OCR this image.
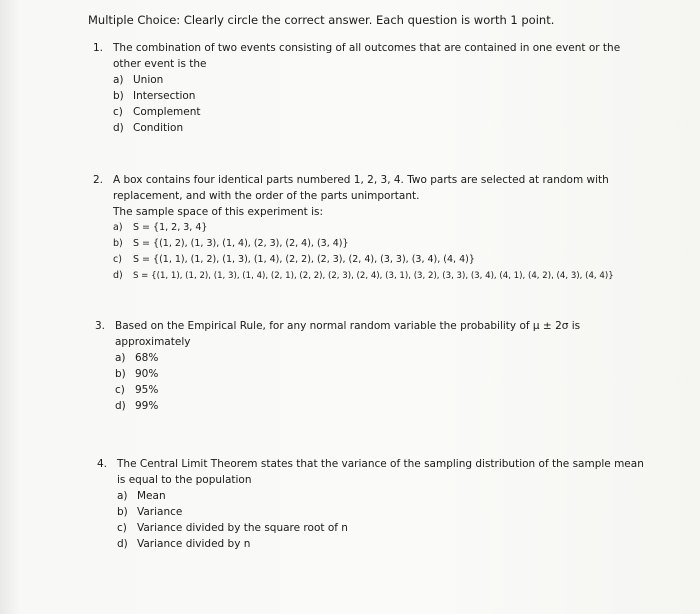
Multiple Choice: Clearly circle the correct answer. Each question is worth 1 point.
1. The combination of two events consisting of all outcomes that are contained in one event or the
other event is the
a) Union
b) Intersection
c) Complement
d) Condition
2. A box contains four identical parts numbered 1, 2, 3, 4. Two parts are selected at random with
replacement, and with the order of the parts unimportant.
The sample space of this experiment is:
a) S = {1, 2, 3, 4}
b) S = {(1, 2), (1, 3), (1, 4), (2, 3), (2, 4), (3, 4)}
c) S = {(1, 1), (1, 2), (1, 3), (1, 4), (2, 2), (2, 3), (2, 4), (3, 3), (3, 4), (4, 4)}
d) S = {(1, 1), (1, 2), (1, 3), (1, 4), (2, 1), (2, 2), (2, 3), (2, 4), (3, 1), (3, 2), (3, 3), (3, 4), (4, 1), (4, 2), (4, 3), (4, 4)}
3. Based on the Empirical Rule, for any normal random variable the probability of μ ± 2σ is
approximately
a) 68%
b) 90%
c) 95%
d) 99%
4. The Central Limit Theorem states that the variance of the sampling distribution of the sample mean
is equal to the population
a) Mean
b) Variance
c) Variance divided by the square root of n
d) Variance divided by n
